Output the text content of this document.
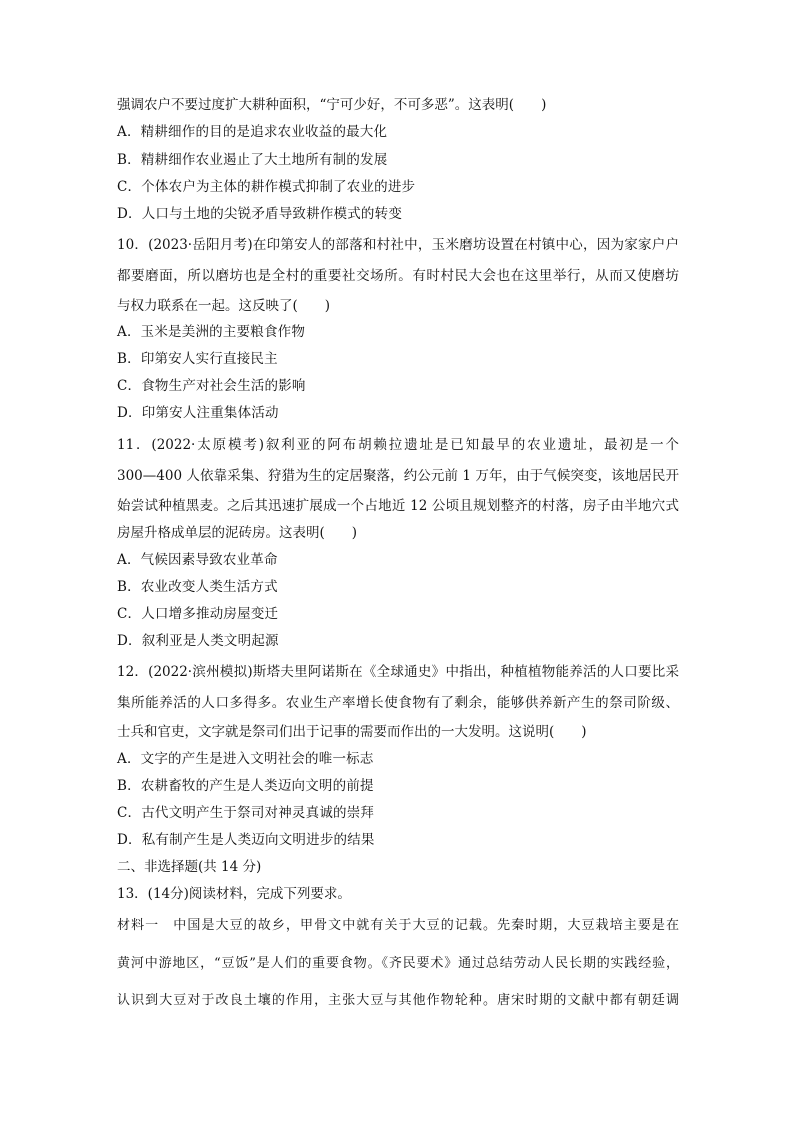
强调农户不要过度扩大耕种面积，“宁可少好，不可多恶”。这表明(　　)
A．精耕细作的目的是追求农业收益的最大化
B．精耕细作农业遏止了大土地所有制的发展
C．个体农户为主体的耕作模式抑制了农业的进步
D．人口与土地的尖锐矛盾导致耕作模式的转变
10．(2023·岳阳月考)在印第安人的部落和村社中，玉米磨坊设置在村镇中心，因为家家户户
都要磨面，所以磨坊也是全村的重要社交场所。有时村民大会也在这里举行，从而又使磨坊
与权力联系在一起。这反映了(　　)
A．玉米是美洲的主要粮食作物
B．印第安人实行直接民主
C．食物生产对社会生活的影响
D．印第安人注重集体活动
11．(2022·太原模考)叙利亚的阿布胡赖拉遗址是已知最早的农业遗址，最初是一个
300—400 人依靠采集、狩猎为生的定居聚落，约公元前 1 万年，由于气候突变，该地居民开
始尝试种植黑麦。之后其迅速扩展成一个占地近 12 公顷且规划整齐的村落，房子由半地穴式
房屋升格成单层的泥砖房。这表明(　　)
A．气候因素导致农业革命
B．农业改变人类生活方式
C．人口增多推动房屋变迁
D．叙利亚是人类文明起源
12．(2022·滨州模拟)斯塔夫里阿诺斯在《全球通史》中指出，种植植物能养活的人口要比采
集所能养活的人口多得多。农业生产率增长使食物有了剩余，能够供养新产生的祭司阶级、
士兵和官吏，文字就是祭司们出于记事的需要而作出的一大发明。这说明(　　)
A．文字的产生是进入文明社会的唯一标志
B．农耕畜牧的产生是人类迈向文明的前提
C．古代文明产生于祭司对神灵真诚的崇拜
D．私有制产生是人类迈向文明进步的结果
二、非选择题(共 14 分)
13．(14分)阅读材料，完成下列要求。
材料一　中国是大豆的故乡，甲骨文中就有关于大豆的记载。先秦时期，大豆栽培主要是在
黄河中游地区，“豆饭”是人们的重要食物。《齐民要术》通过总结劳动人民长期的实践经验，
认识到大豆对于改良土壤的作用，主张大豆与其他作物轮种。唐宋时期的文献中都有朝廷调
